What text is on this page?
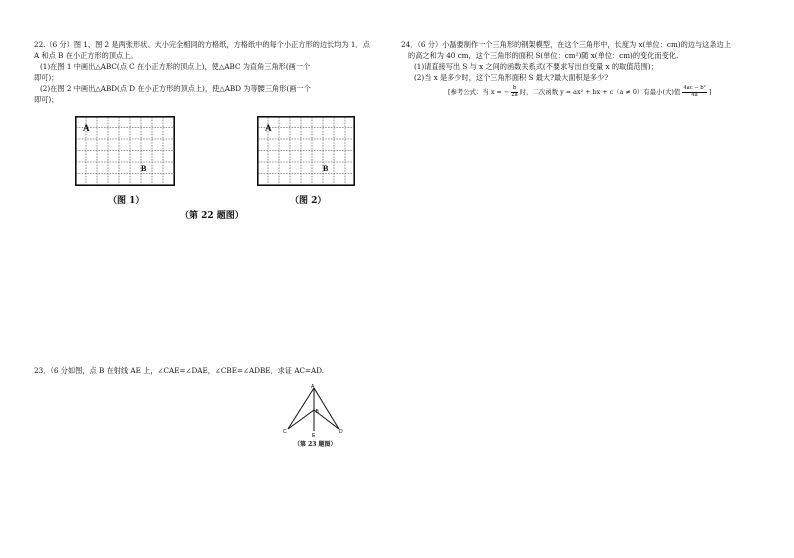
22.（6 分）图 1、图 2 是两张形状、大小完全相同的方格纸，方格纸中的每个小正方形的边长均为 1．点
A 和点 B 在小正方形的顶点上。
(1)在图 1 中画出△ABC(点 C 在小正方形的顶点上)，使△ABC 为直角三角形(画一个
即可)；
(2)在图 2 中画出△ABD(点 D 在小正方形的顶点上)，使△ABD 为等腰三角形(画一个
即可)；
A
B
（图 1）
A
B
（图 2）
（第 22 题图）
23．（6 分如图，点 B 在射线 AE 上，∠CAE=∠DAE，∠CBE=∠ADBE．求证 AC=AD.
A
B
C	D
E
（第 23 题图）
24．（6 分）小磊要制作一个三角形的钢架模型，在这个三角形中，长度为 x(单位：cm)的边与这条边上
的高之和为 40 cm，这个三角形的面积 S(单位：cm²)随 x(单位：cm)的变化而变化.
(1)请直接写出 S 与 x 之间的函数关系式(不要求写出自变量 x 的取值范围)；
(2)当 x 是多少时，这个三角形面积 S 最大?最大面积是多少?
[参考公式：当 x = − $\frac{b}{2a}$ 时，二次函数 y = ax² + bx + c（a ≠ 0）有最小(大)值 $\frac{\text{4ac − b²}}{4a}$ ]
